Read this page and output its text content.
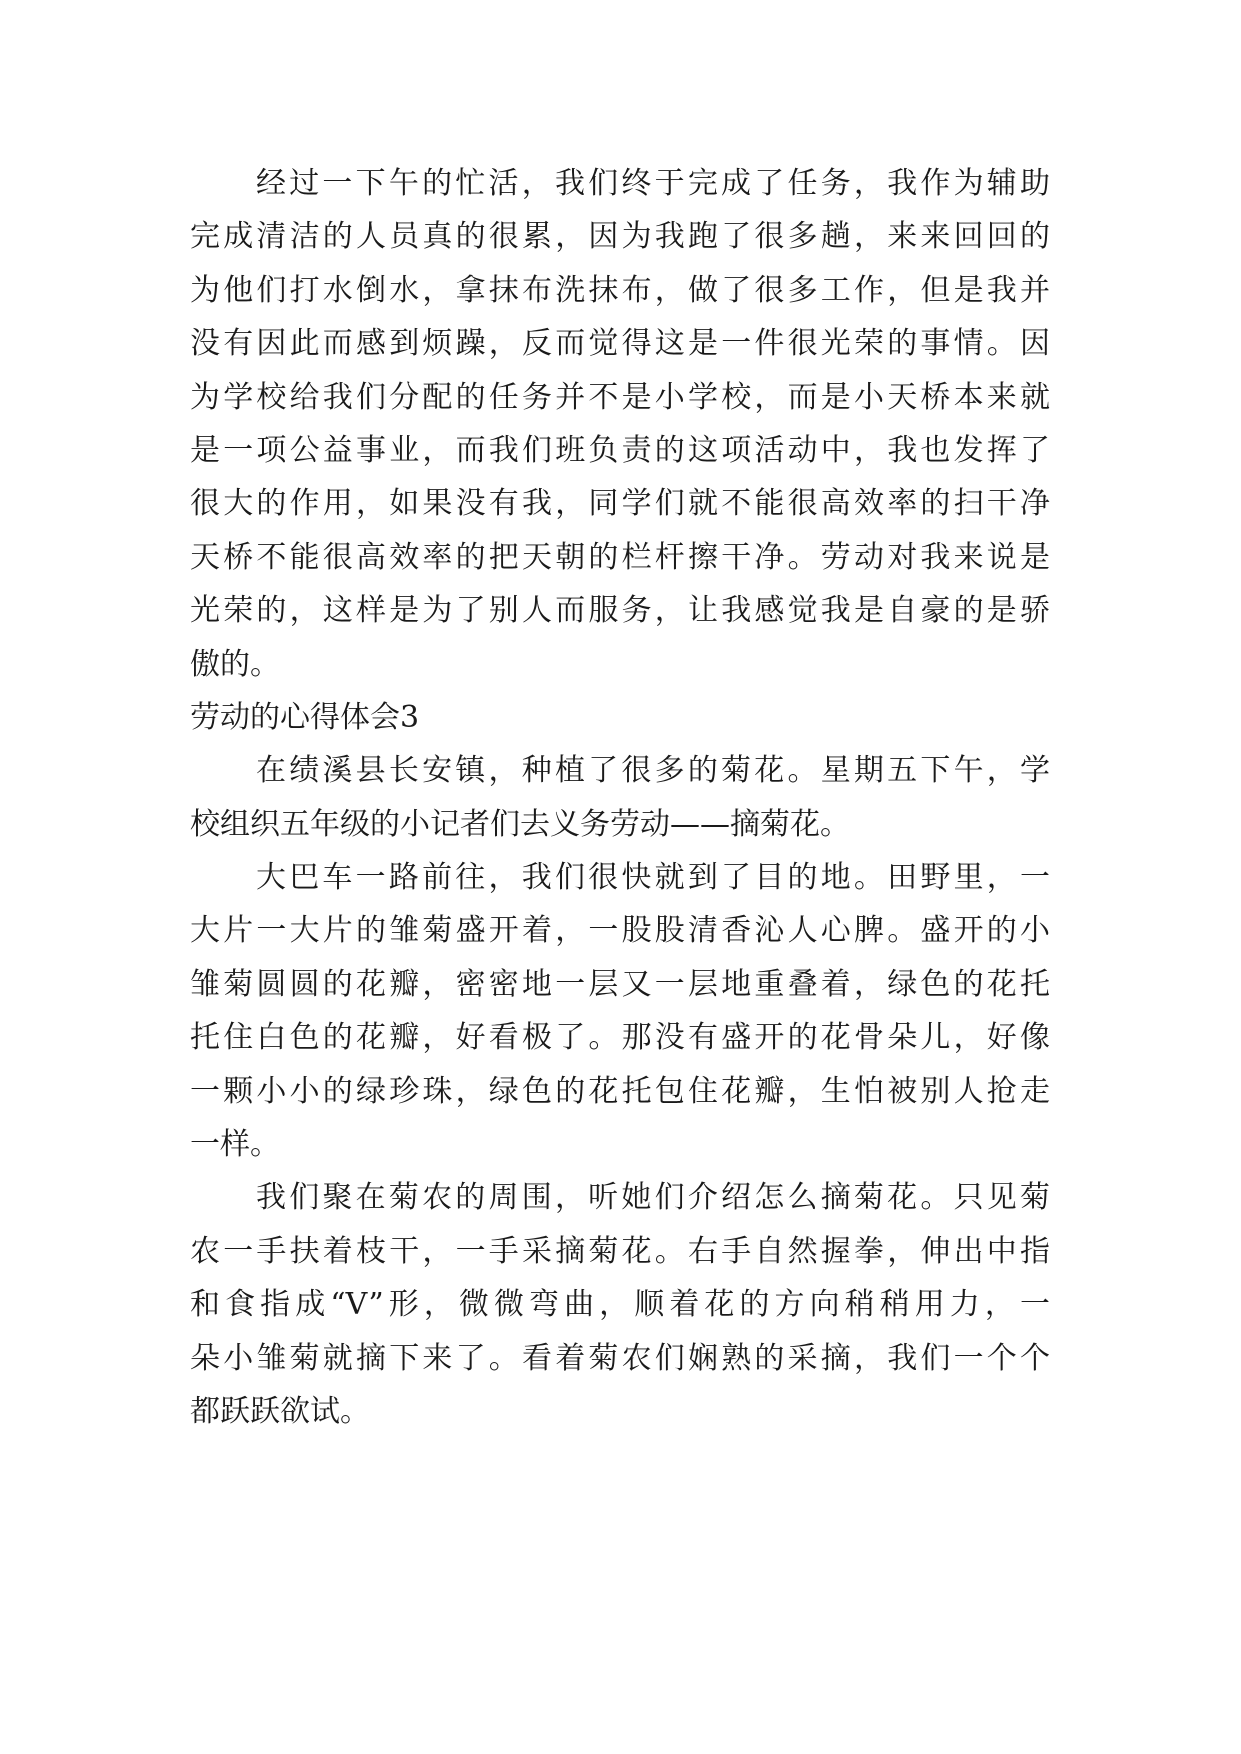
经过一下午的忙活，我们终于完成了任务，我作为辅助
完成清洁的人员真的很累，因为我跑了很多趟，来来回回的
为他们打水倒水，拿抹布洗抹布，做了很多工作，但是我并
没有因此而感到烦躁，反而觉得这是一件很光荣的事情。因
为学校给我们分配的任务并不是小学校，而是小天桥本来就
是一项公益事业，而我们班负责的这项活动中，我也发挥了
很大的作用，如果没有我，同学们就不能很高效率的扫干净
天桥不能很高效率的把天朝的栏杆擦干净。劳动对我来说是
光荣的，这样是为了别人而服务，让我感觉我是自豪的是骄
傲的。
劳动的心得体会3
在绩溪县长安镇，种植了很多的菊花。星期五下午，学
校组织五年级的小记者们去义务劳动——摘菊花。
大巴车一路前往，我们很快就到了目的地。田野里，一
大片一大片的雏菊盛开着，一股股清香沁人心脾。盛开的小
雏菊圆圆的花瓣，密密地一层又一层地重叠着，绿色的花托
托住白色的花瓣，好看极了。那没有盛开的花骨朵儿，好像
一颗小小的绿珍珠，绿色的花托包住花瓣，生怕被别人抢走
一样。
我们聚在菊农的周围，听她们介绍怎么摘菊花。只见菊
农一手扶着枝干，一手采摘菊花。右手自然握拳，伸出中指
和食指成“V”形，微微弯曲，顺着花的方向稍稍用力，一
朵小雏菊就摘下来了。看着菊农们娴熟的采摘，我们一个个
都跃跃欲试。
